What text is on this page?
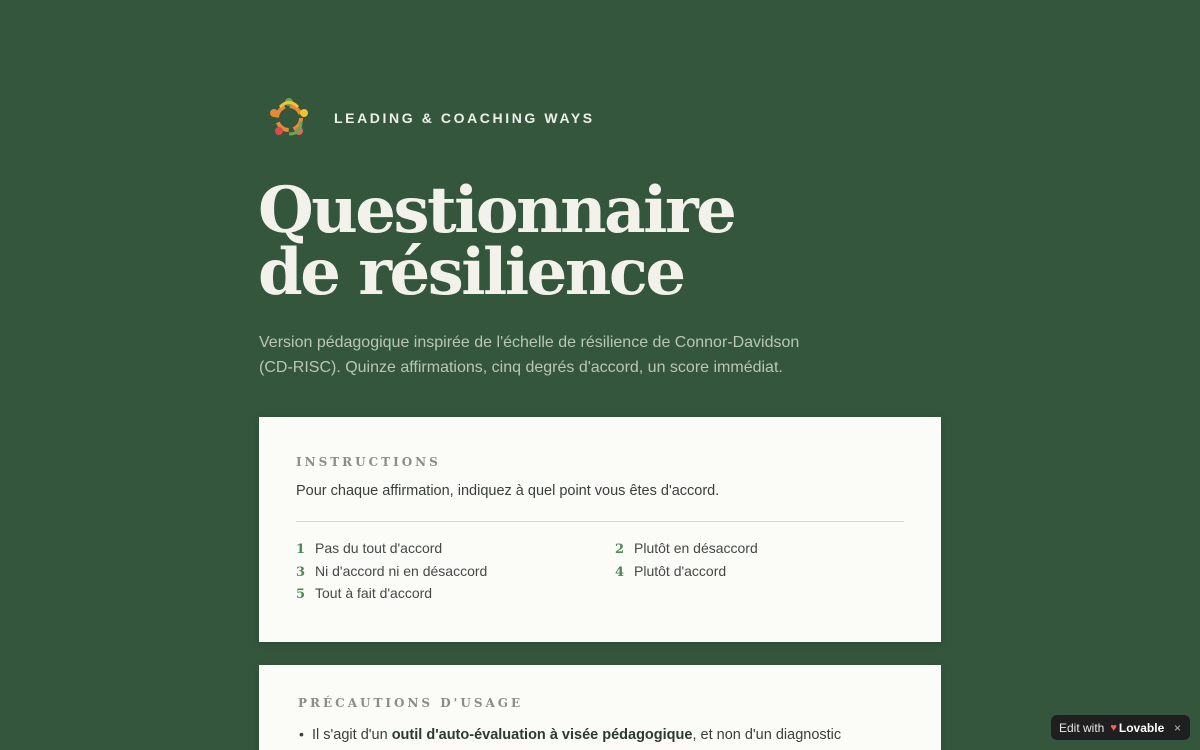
LEADING & COACHING WAYS
Questionnaire
de résilience

Version pédagogique inspirée de l'échelle de résilience de Connor-Davidson (CD-RISC). Quinze affirmations, cinq degrés d'accord, un score immédiat.

INSTRUCTIONS
Pour chaque affirmation, indiquez à quel point vous êtes d'accord.
1 Pas du tout d'accord	2 Plutôt en désaccord
3 Ni d'accord ni en désaccord	4 Plutôt d'accord
5 Tout à fait d'accord
PRÉCAUTIONS D'USAGE
• Il s'agit d'un outil d'auto-évaluation à visée pédagogique , et non d'un diagnostic	Edit with ♥ Lovable ×
